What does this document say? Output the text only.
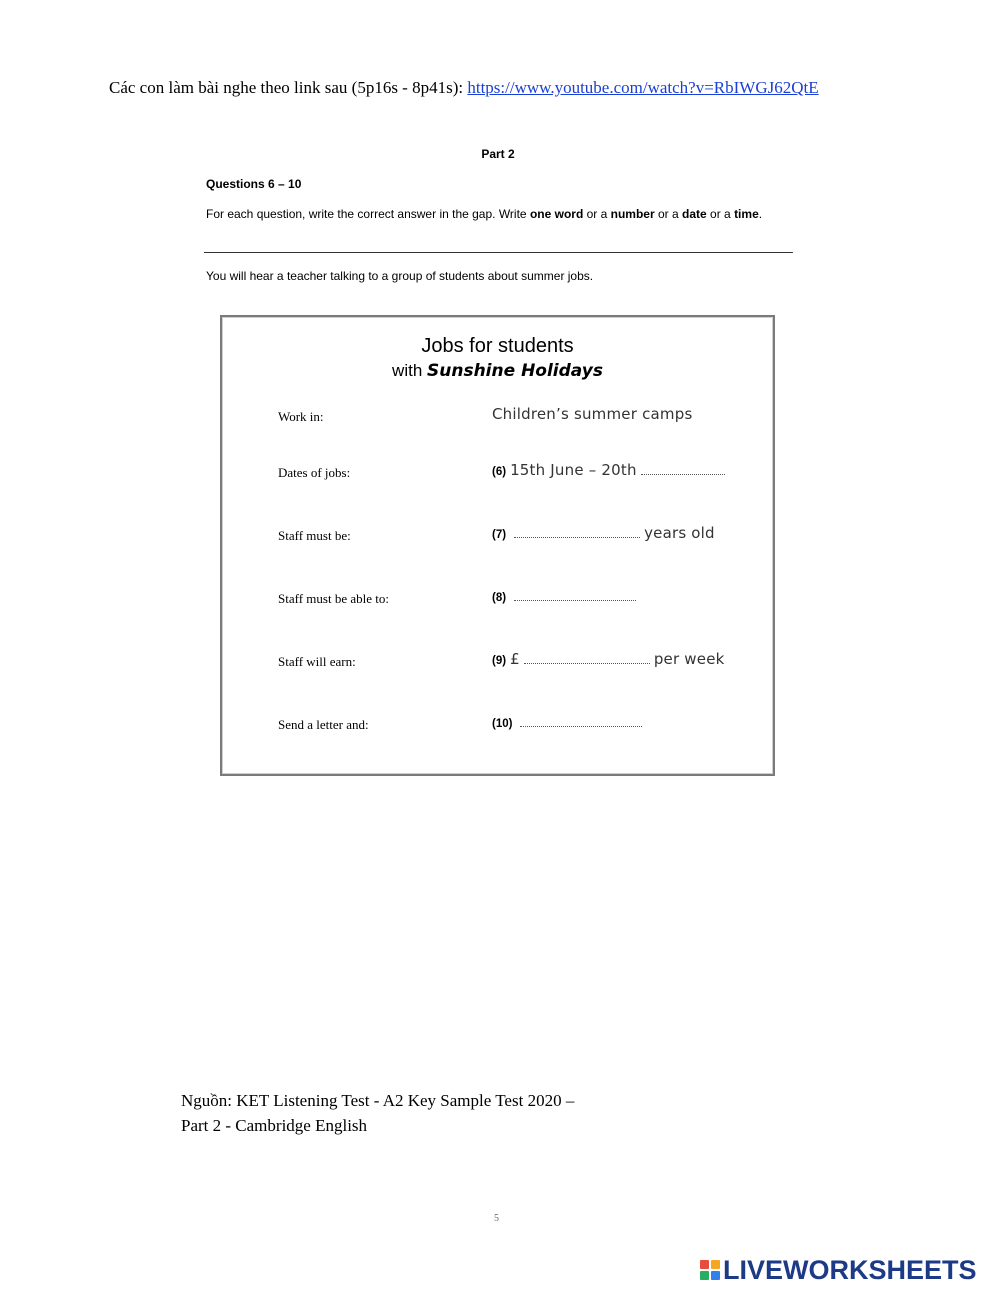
Các con làm bài nghe theo link sau (5p16s - 8p41s): https://www.youtube.com/watch?v=RbIWGJ62QtE
Part 2
Questions 6 – 10
For each question, write the correct answer in the gap. Write one word or a number or a date or a time.
You will hear a teacher talking to a group of students about summer jobs.
Jobs for students
with Sunshine Holidays
Work in:	Children’s summer camps
Dates of jobs:	(6) 15th June – 20th
Staff must be:	(7)	years old
Staff must be able to:	(8)
Staff will earn:	(9) £	per week
Send a letter and:	(10)
Nguồn: KET Listening Test - A2 Key Sample Test 2020 –
Part 2 - Cambridge English
5
LIVEWORKSHEETS
